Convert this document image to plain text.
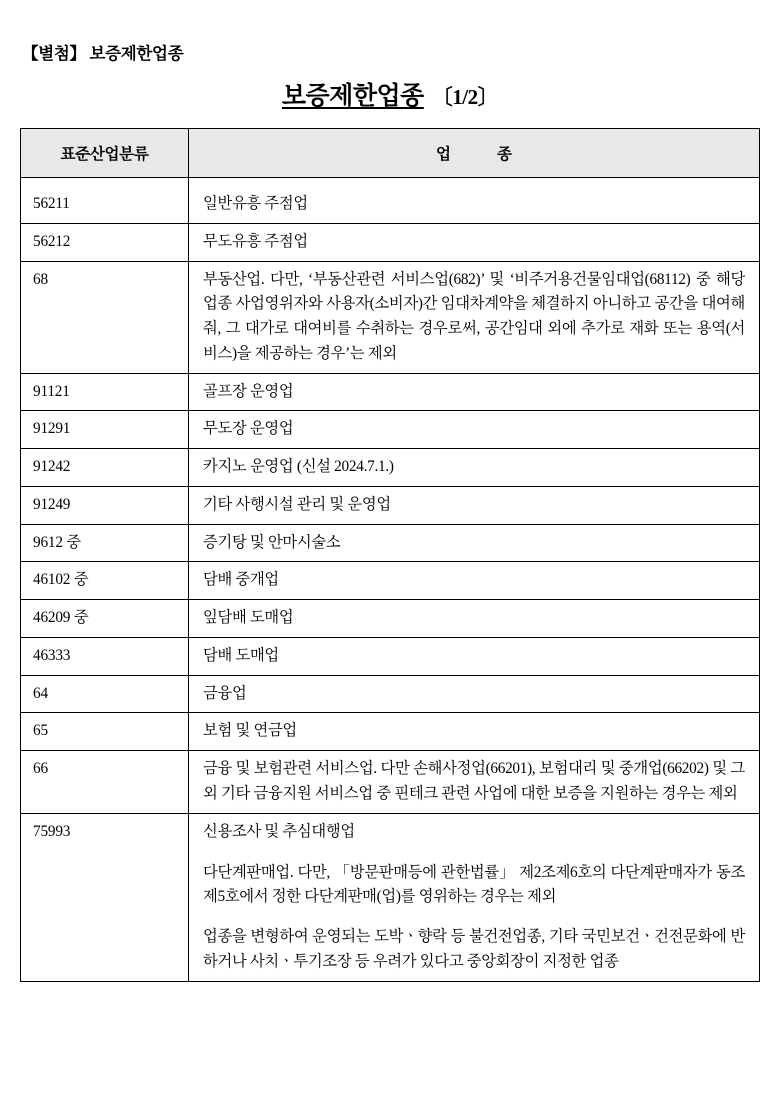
【별첨】 보증제한업종
보증제한업종 〔1/2〕
표준산업분류	업 종

56211	일반유흥 주점업

56212	무도유흥 주점업

68	부동산업. 다만, ‘부동산관련 서비스업(682)’ 및 ‘비주거용건물임대업(68112) 중 해당업종 사업영위자와 사용자(소비자)간 임대차계약을 체결하지 아니하고 공간을 대여해줘, 그 대가로 대여비를 수취하는 경우로써, 공간임대 외에 추가로 재화 또는 용역(서비스)을 제공하는 경우’는 제외

91121	골프장 운영업

91291	무도장 운영업

91242	카지노 운영업 (신설 2024.7.1.)

91249	기타 사행시설 관리 및 운영업

9612 중	증기탕 및 안마시술소

46102 중	담배 중개업

46209 중	잎담배 도매업

46333	담배 도매업

64	금융업

65	보험 및 연금업

66	금융 및 보험관련 서비스업. 다만 손해사정업(66201), 보험대리 및 중개업(66202) 및 그 외 기타 금융지원 서비스업 중 핀테크 관련 사업에 대한 보증을 지원하는 경우는 제외

75993	신용조사 및 추심대행업

다단계판매업. 다만, 「방문판매등에 관한법률」 제2조제6호의 다단계판매자가 동조제5호에서 정한 다단계판매(업)를 영위하는 경우는 제외

업종을 변형하여 운영되는 도박ㆍ향락 등 불건전업종, 기타 국민보건ㆍ건전문화에 반하거나 사치ㆍ투기조장 등 우려가 있다고 중앙회장이 지정한 업종
